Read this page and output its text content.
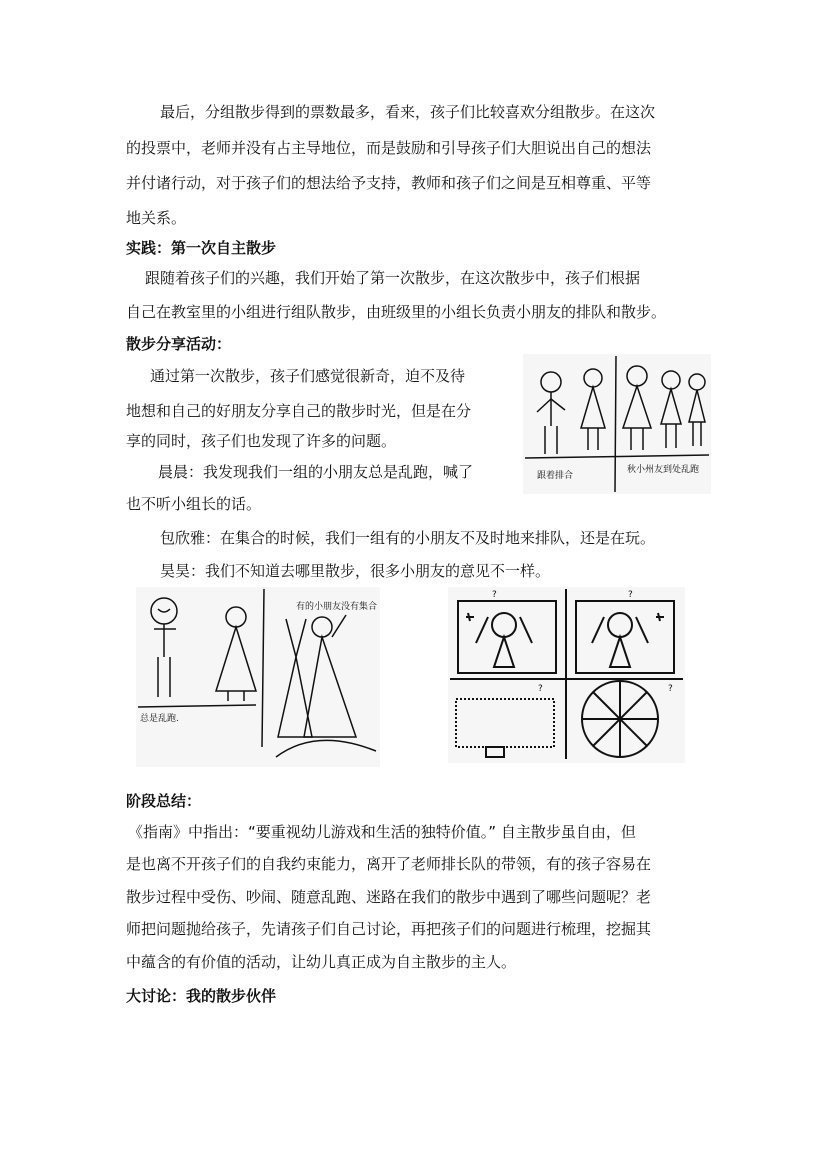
最后，分组散步得到的票数最多，看来，孩子们比较喜欢分组散步。在这次
的投票中，老师并没有占主导地位，而是鼓励和引导孩子们大胆说出自己的想法
并付诸行动，对于孩子们的想法给予支持，教师和孩子们之间是互相尊重、平等
地关系。
实践：第一次自主散步
跟随着孩子们的兴趣，我们开始了第一次散步，在这次散步中，孩子们根据
自己在教室里的小组进行组队散步，由班级里的小组长负责小朋友的排队和散步。
散步分享活动：
通过第一次散步，孩子们感觉很新奇，迫不及待
地想和自己的好朋友分享自己的散步时光，但是在分
享的同时，孩子们也发现了许多的问题。
晨晨：我发现我们一组的小朋友总是乱跑，喊了
也不听小组长的话。
包欣雅：在集合的时候，我们一组有的小朋友不及时地来排队，还是在玩。
昊昊：我们不知道去哪里散步，很多小朋友的意见不一样。
跟着排合
秋小州友到处乱跑
总是乱跑.
有的小朋友没有集合
?	?
?	?
阶段总结：
《指南》中指出：“要重视幼儿游戏和生活的独特价值。” 自主散步虽自由，但
是也离不开孩子们的自我约束能力，离开了老师排长队的带领，有的孩子容易在
散步过程中受伤、吵闹、随意乱跑、迷路在我们的散步中遇到了哪些问题呢？老
师把问题抛给孩子，先请孩子们自己讨论，再把孩子们的问题进行梳理，挖掘其
中蕴含的有价值的活动，让幼儿真正成为自主散步的主人。
大讨论：我的散步伙伴
